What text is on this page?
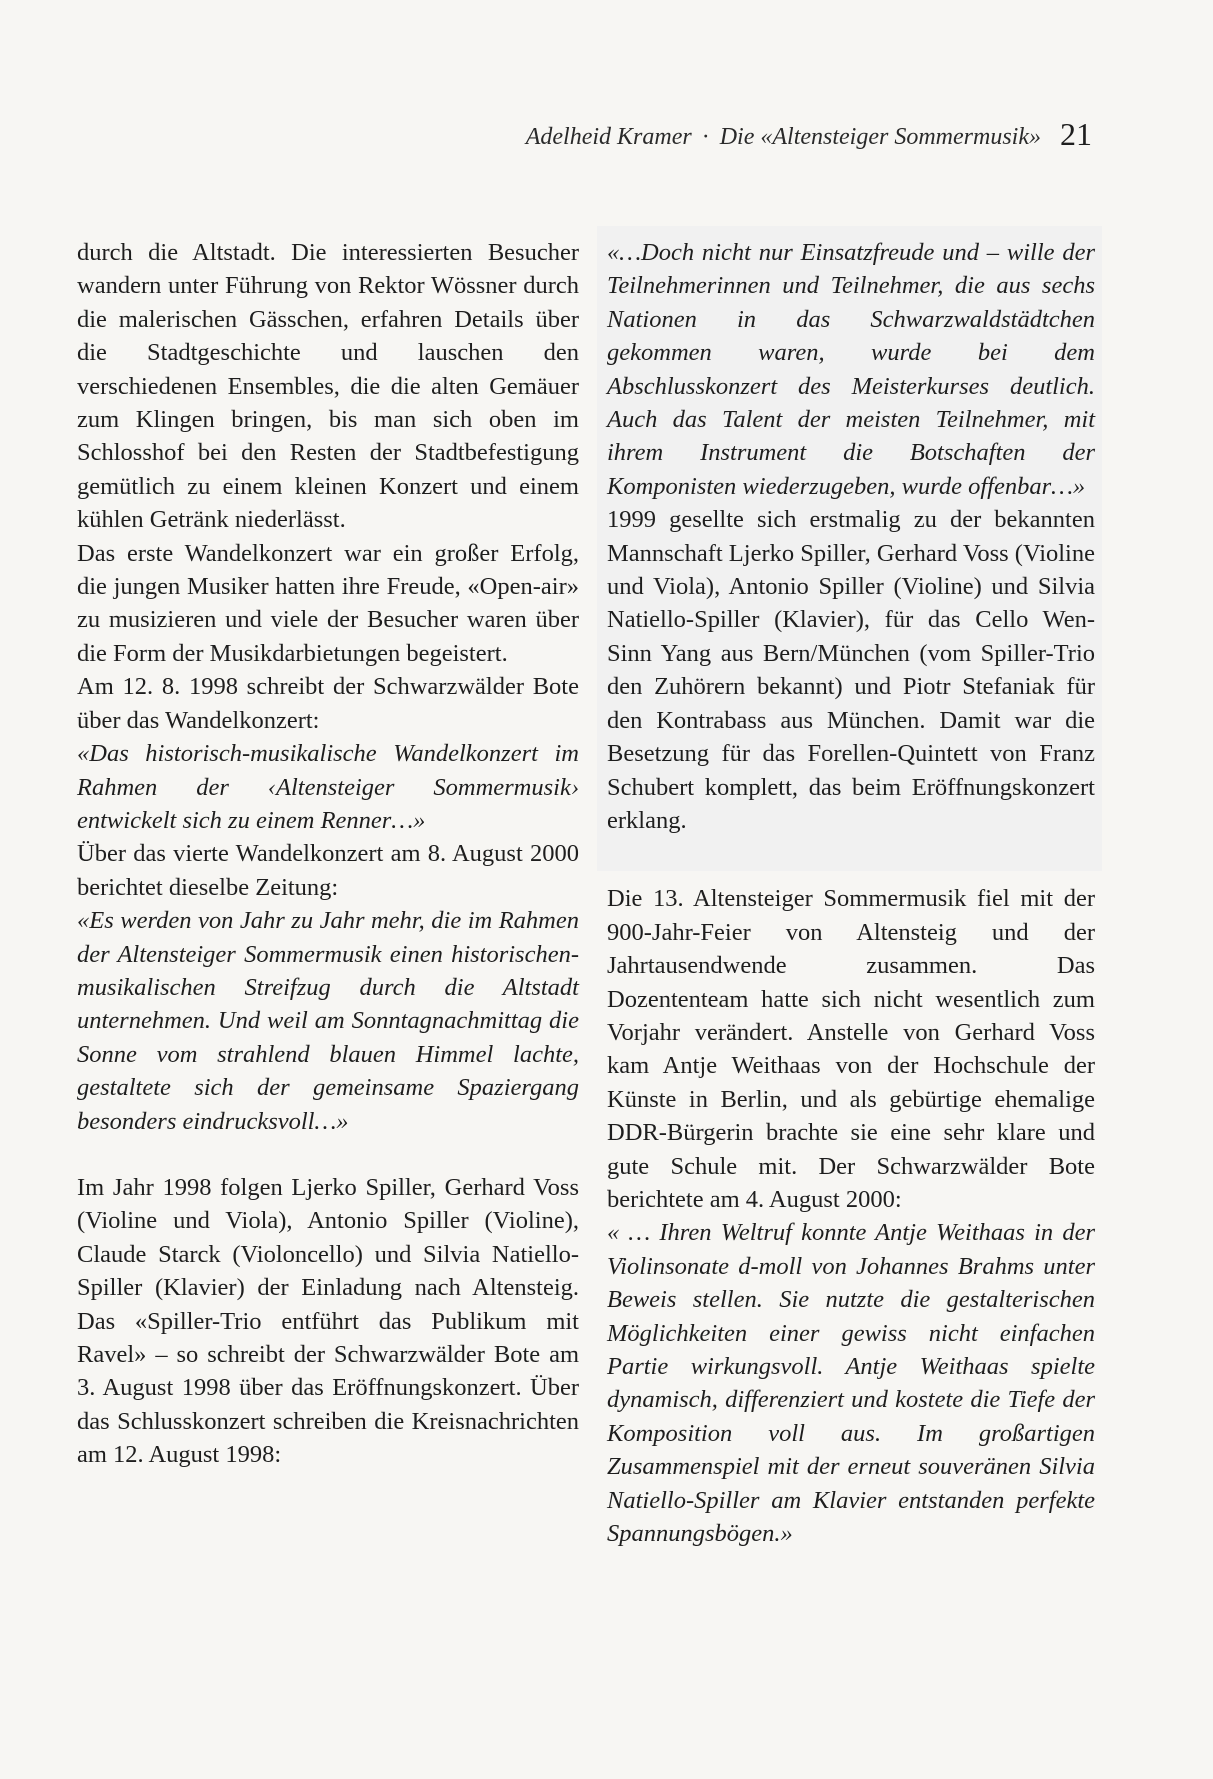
Adelheid Kramer · Die «Altensteiger Sommermusik» 21

durch die Altstadt. Die interessierten Besucher wandern unter Führung von Rektor Wössner durch die malerischen Gässchen, erfahren Details über die Stadtgeschichte und lauschen den verschiedenen Ensembles, die die alten Gemäuer zum Klingen bringen, bis man sich oben im Schlosshof bei den Resten der Stadtbefestigung gemütlich zu einem kleinen Konzert und einem kühlen Getränk niederlässt.

Das erste Wandelkonzert war ein großer Erfolg, die jungen Musiker hatten ihre Freude, «Open-air» zu musizieren und viele der Besucher waren über die Form der Musikdarbietungen begeistert.

Am 12. 8. 1998 schreibt der Schwarzwälder Bote über das Wandelkonzert:

«Das historisch-musikalische Wandelkonzert im Rahmen der ‹Altensteiger Sommermusik› entwickelt sich zu einem Renner…»

Über das vierte Wandelkonzert am 8. August 2000 berichtet dieselbe Zeitung:

«Es werden von Jahr zu Jahr mehr, die im Rahmen der Altensteiger Sommermusik einen historischen-musikalischen Streifzug durch die Altstadt unternehmen. Und weil am Sonntagnachmittag die Sonne vom strahlend blauen Himmel lachte, gestaltete sich der gemeinsame Spaziergang besonders eindrucksvoll…»

Im Jahr 1998 folgen Ljerko Spiller, Gerhard Voss (Violine und Viola), Antonio Spiller (Violine), Claude Starck (Violoncello) und Silvia Natiello-Spiller (Klavier) der Einladung nach Altensteig. Das «Spiller-Trio entführt das Publikum mit Ravel» – so schreibt der Schwarzwälder Bote am 3. August 1998 über das Eröffnungskonzert. Über das Schlusskonzert schreiben die Kreisnachrichten am 12. August 1998:

«…Doch nicht nur Einsatzfreude und – wille der Teilnehmerinnen und Teilnehmer, die aus sechs Nationen in das Schwarzwaldstädtchen gekommen waren, wurde bei dem Abschlusskonzert des Meisterkurses deutlich. Auch das Talent der meisten Teilnehmer, mit ihrem Instrument die Botschaften der Komponisten wiederzugeben, wurde offenbar…»

1999 gesellte sich erstmalig zu der bekannten Mannschaft Ljerko Spiller, Gerhard Voss (Violine und Viola), Antonio Spiller (Violine) und Silvia Natiello-Spiller (Klavier), für das Cello Wen-Sinn Yang aus Bern/München (vom Spiller-Trio den Zuhörern bekannt) und Piotr Stefaniak für den Kontrabass aus München. Damit war die Besetzung für das Forellen-Quintett von Franz Schubert komplett, das beim Eröffnungskonzert erklang.

Die 13. Altensteiger Sommermusik fiel mit der 900-Jahr-Feier von Altensteig und der Jahrtausendwende zusammen. Das Dozententeam hatte sich nicht wesentlich zum Vorjahr verändert. Anstelle von Gerhard Voss kam Antje Weithaas von der Hochschule der Künste in Berlin, und als gebürtige ehemalige DDR-Bürgerin brachte sie eine sehr klare und gute Schule mit. Der Schwarzwälder Bote berichtete am 4. August 2000:

« … Ihren Weltruf konnte Antje Weithaas in der Violinsonate d-moll von Johannes Brahms unter Beweis stellen. Sie nutzte die gestalterischen Möglichkeiten einer gewiss nicht einfachen Partie wirkungsvoll. Antje Weithaas spielte dynamisch, differenziert und kostete die Tiefe der Komposition voll aus. Im großartigen Zusammenspiel mit der erneut souveränen Silvia Natiello-Spiller am Klavier entstanden perfekte Spannungsbögen.»
